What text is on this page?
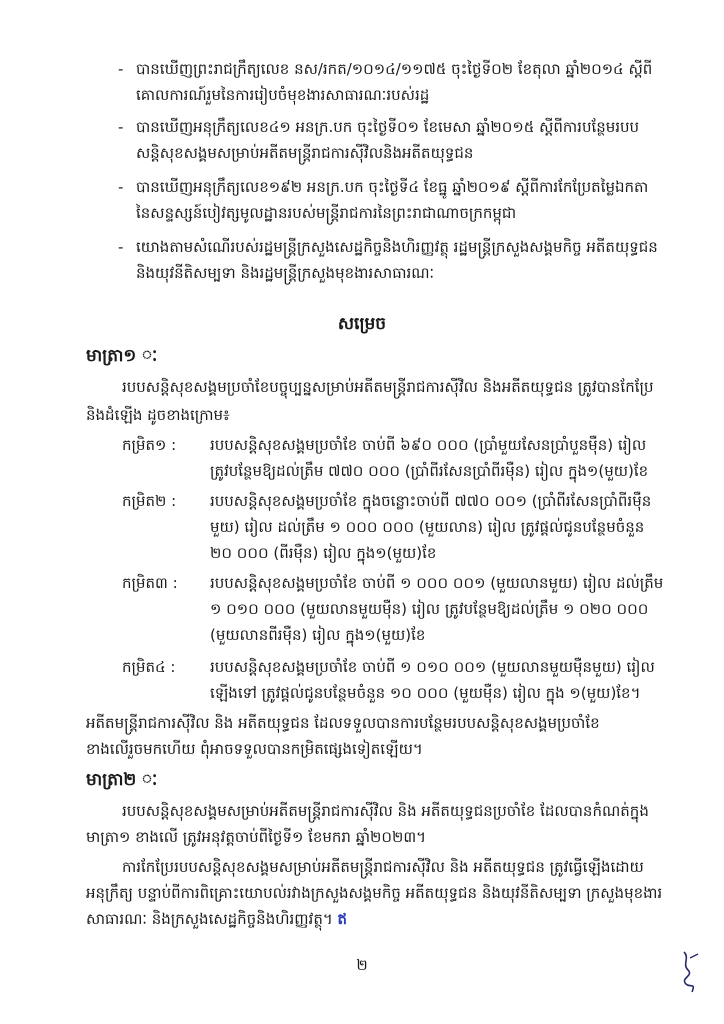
- បានឃើញព្រះរាជក្រឹត្យលេខ នស/រកត/១០១៤/១១៧៥ ចុះថ្ងៃទី០២ ខែតុលា ឆ្នាំ២០១៤ ស្តីពី
គោលការណ៍រួមនៃការរៀបចំមុខងារសាធារណៈរបស់រដ្ឋ
- បានឃើញអនុក្រឹត្យលេខ៤១ អនក្រ.បក ចុះថ្ងៃទី០១ ខែមេសា ឆ្នាំ២០១៥ ស្តីពីការបន្ថែមរបប
សន្តិសុខសង្គមសម្រាប់អតីតមន្ត្រីរាជការស៊ីវិលនិងអតីតយុទ្ធជន
- បានឃើញអនុក្រឹត្យលេខ១៩២ អនក្រ.បក ចុះថ្ងៃទី៤ ខែធ្នូ ឆ្នាំ២០១៩ ស្តីពីការកែប្រែតម្លៃឯកតា
នៃសន្ទស្សន៍បៀវត្សមូលដ្ឋានរបស់មន្ត្រីរាជការនៃព្រះរាជាណាចក្រកម្ពុជា
- យោងតាមសំណើរបស់រដ្ឋមន្ត្រីក្រសួងសេដ្ឋកិច្ចនិងហិរញ្ញវត្ថុ រដ្ឋមន្ត្រីក្រសួងសង្គមកិច្ច អតីតយុទ្ធជន
និងយុវនីតិសម្បទា និងរដ្ឋមន្ត្រីក្រសួងមុខងារសាធារណៈ
សម្រេច
មាត្រា១ ៈ
របបសន្តិសុខសង្គមប្រចាំខែបច្ចុប្បន្នសម្រាប់អតីតមន្ត្រីរាជការស៊ីវិល និងអតីតយុទ្ធជន ត្រូវបានកែប្រែ
និងដំឡើង ដូចខាងក្រោម៖
កម្រិត១ : របបសន្តិសុខសង្គមប្រចាំខែ ចាប់ពី ៦៩០ ០០០ (ប្រាំមួយសែនប្រាំបួនម៉ឺន) រៀល
ត្រូវបន្ថែមឱ្យដល់ត្រឹម ៧៧០ ០០០ (ប្រាំពីរសែនប្រាំពីរម៉ឺន) រៀល ក្នុង១(មួយ)ខែ
កម្រិត២ : របបសន្តិសុខសង្គមប្រចាំខែ ក្នុងចន្លោះចាប់ពី ៧៧០ ០០១ (ប្រាំពីរសែនប្រាំពីរម៉ឺន
មួយ) រៀល ដល់ត្រឹម ១ ០០០ ០០០ (មួយលាន) រៀល ត្រូវផ្តល់ជូនបន្ថែមចំនួន
២០ ០០០ (ពីរម៉ឺន) រៀល ក្នុង១(មួយ)ខែ
កម្រិត៣ : របបសន្តិសុខសង្គមប្រចាំខែ ចាប់ពី ១ ០០០ ០០១ (មួយលានមួយ) រៀល ដល់ត្រឹម
១ ០១០ ០០០ (មួយលានមួយម៉ឺន) រៀល ត្រូវបន្ថែមឱ្យដល់ត្រឹម ១ ០២០ ០០០
(មួយលានពីរម៉ឺន) រៀល ក្នុង១(មួយ)ខែ
កម្រិត៤ : របបសន្តិសុខសង្គមប្រចាំខែ ចាប់ពី ១ ០១០ ០០១ (មួយលានមួយម៉ឺនមួយ) រៀល
ឡើងទៅ ត្រូវផ្តល់ជូនបន្ថែមចំនួន ១០ ០០០ (មួយម៉ឺន) រៀល ក្នុង ១(មួយ)ខែ។
អតីតមន្ត្រីរាជការស៊ីវិល និង អតីតយុទ្ធជន ដែលទទួលបានការបន្ថែមរបបសន្តិសុខសង្គមប្រចាំខែ
ខាងលើរួចមកហើយ ពុំអាចទទួលបានកម្រិតផ្សេងទៀតឡើយ។
មាត្រា២ ៈ
របបសន្តិសុខសង្គមសម្រាប់អតីតមន្ត្រីរាជការស៊ីវិល និង អតីតយុទ្ធជនប្រចាំខែ ដែលបានកំណត់ក្នុង
មាត្រា១ ខាងលើ ត្រូវអនុវត្តចាប់ពីថ្ងៃទី១ ខែមករា ឆ្នាំ២០២៣។
ការកែប្រែរបបសន្តិសុខសង្គមសម្រាប់អតីតមន្ត្រីរាជការស៊ីវិល និង អតីតយុទ្ធជន ត្រូវធ្វើឡើងដោយ
អនុក្រឹត្យ បន្ទាប់ពីការពិគ្រោះយោបល់រវាងក្រសួងសង្គមកិច្ច អតីតយុទ្ធជន និងយុវនីតិសម្បទា ក្រសួងមុខងារ
សាធារណៈ និងក្រសួងសេដ្ឋកិច្ចនិងហិរញ្ញវត្ថុ។ ឥ
២
